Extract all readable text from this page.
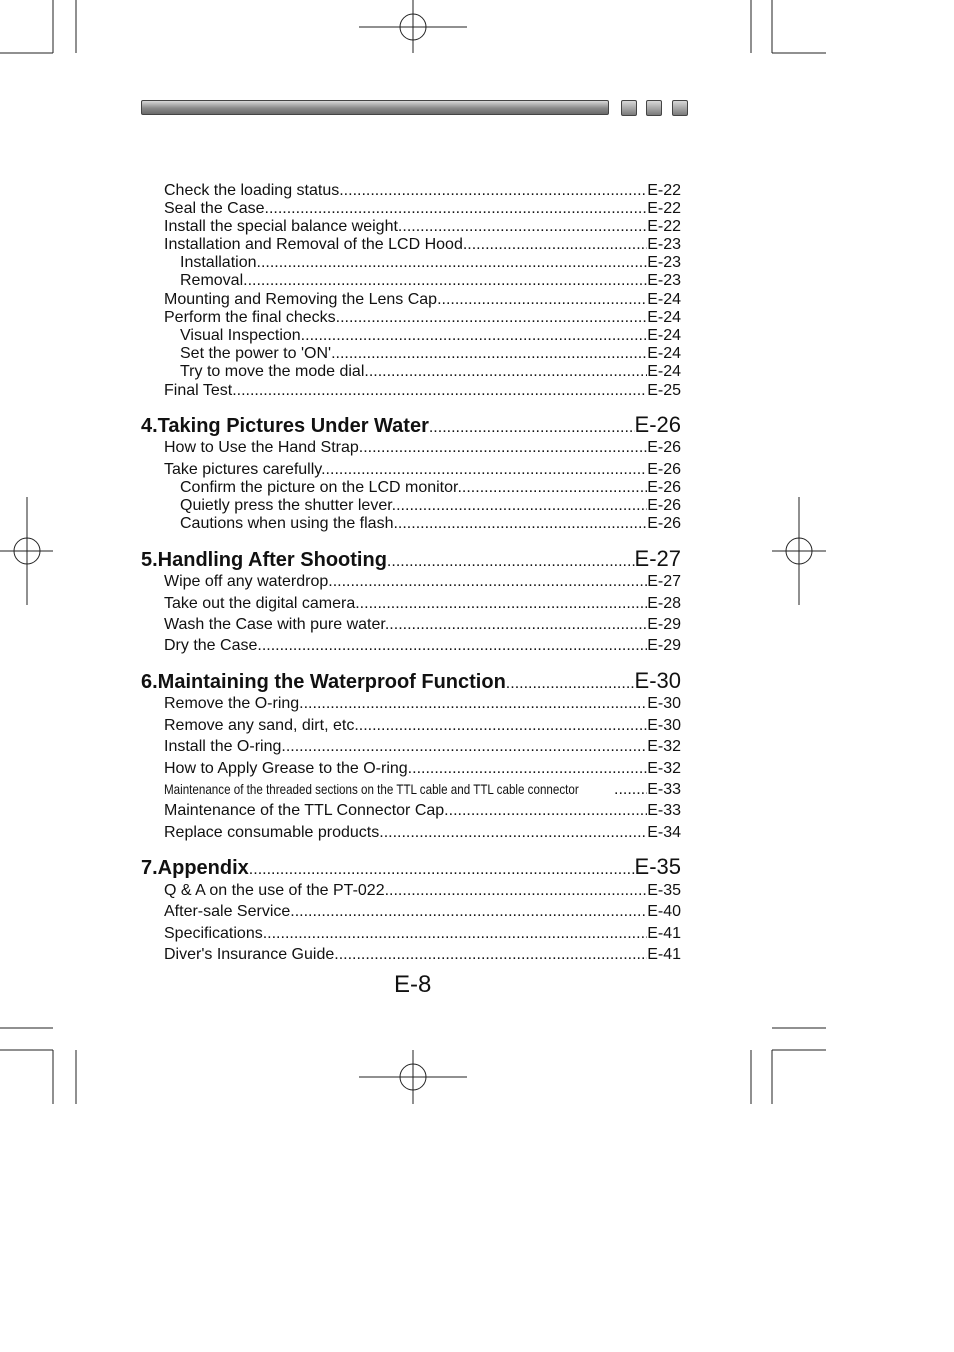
Check the loading status. .....	E-22
Seal the Case. .....	E-22
Install the special balance weight. .....	E-22
Installation and Removal of the LCD Hood .....	E-23
Installation .....	E-23
Removal .....	E-23
Mounting and Removing the Lens Cap .....	E-24
Perform the final checks. .....	E-24
Visual Inspection .....	E-24
Set the power to 'ON'. .....	E-24
Try to move the mode dial. .....	E-24
Final Test .....	E-25
4.Taking Pictures Under Water .....	E-26
How to Use the Hand Strap .....	E-26
Take pictures carefully. .....	E-26
Confirm the picture on the LCD monitor. .....	E-26
Quietly press the shutter lever. .....	E-26
Cautions when using the flash .....	E-26
5.Handling After Shooting .....	E-27
Wipe off any waterdrop. .....	E-27
Take out the digital camera. .....	E-28
Wash the Case with pure water. .....	E-29
Dry the Case. .....	E-29
6.Maintaining the Waterproof Function .....	E-30
Remove the O-ring. .....	E-30
Remove any sand, dirt, etc. .....	E-30
Install the O-ring. .....	E-32
How to Apply Grease to the O-ring .....	E-32
Maintenance of the threaded sections on the TTL cable and TTL cable connector .....	E-33
Maintenance of the TTL Connector Cap .....	E-33
Replace consumable products. .....	E-34
7.Appendix .....	E-35
Q & A on the use of the PT-022 .....	E-35
After-sale Service .....	E-40
Specifications .....	E-41
Diver's Insurance Guide .....	E-41
E-8
